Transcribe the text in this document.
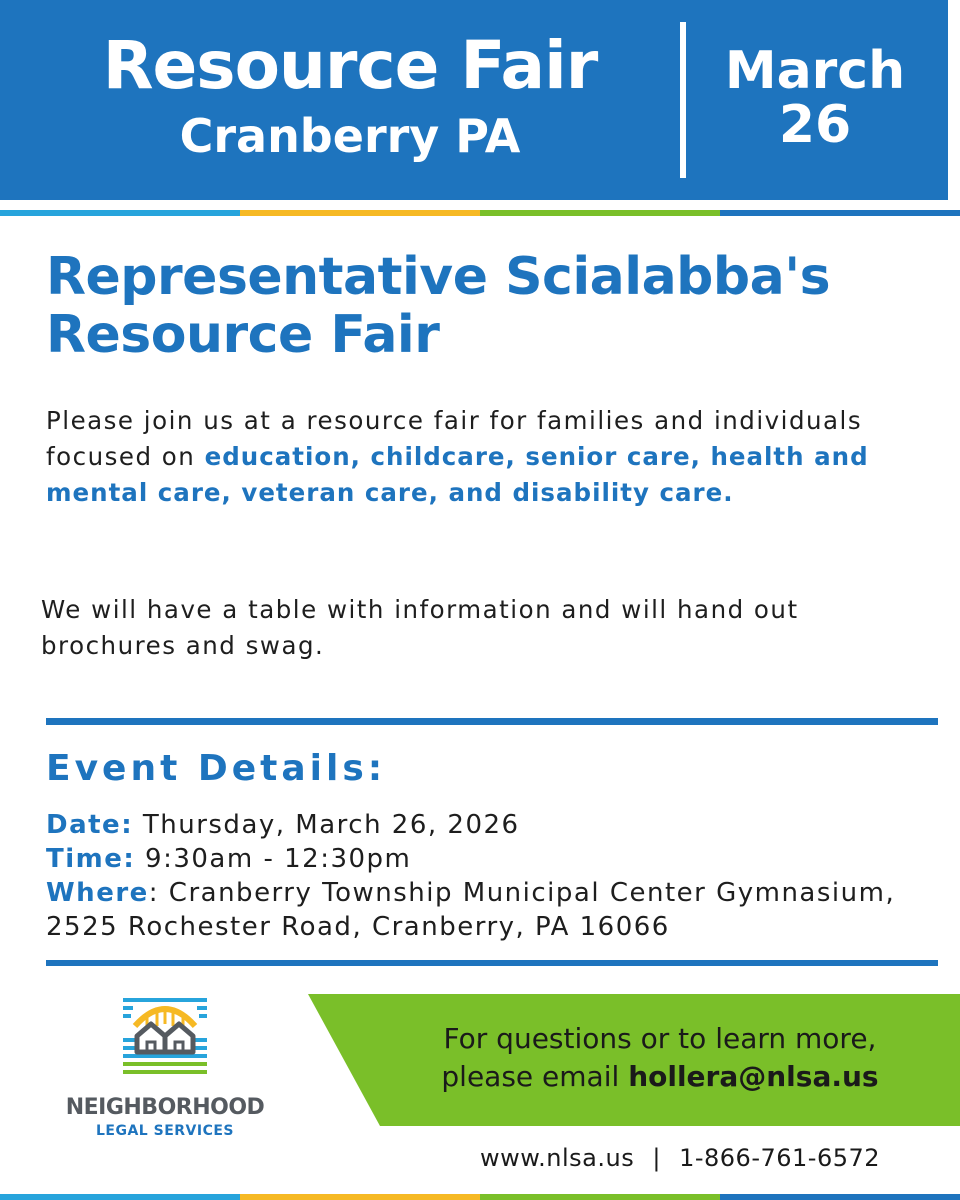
Resource Fair
Cranberry PA
March
26
Representative Scialabba's
Resource Fair
Please join us at a resource fair for families and individuals focused on education, childcare, senior care, health and mental care, veteran care, and disability care.
We will have a table with information and will hand out brochures and swag.
Event Details:
Date: Thursday, March 26, 2026
Time: 9:30am - 12:30pm
Where: Cranberry Township Municipal Center Gymnasium, 2525 Rochester Road, Cranberry, PA 16066
NEIGHBORHOOD
LEGAL SERVICES
For questions or to learn more,
please email hollera@nlsa.us
www.nlsa.us | 1-866-761-6572
